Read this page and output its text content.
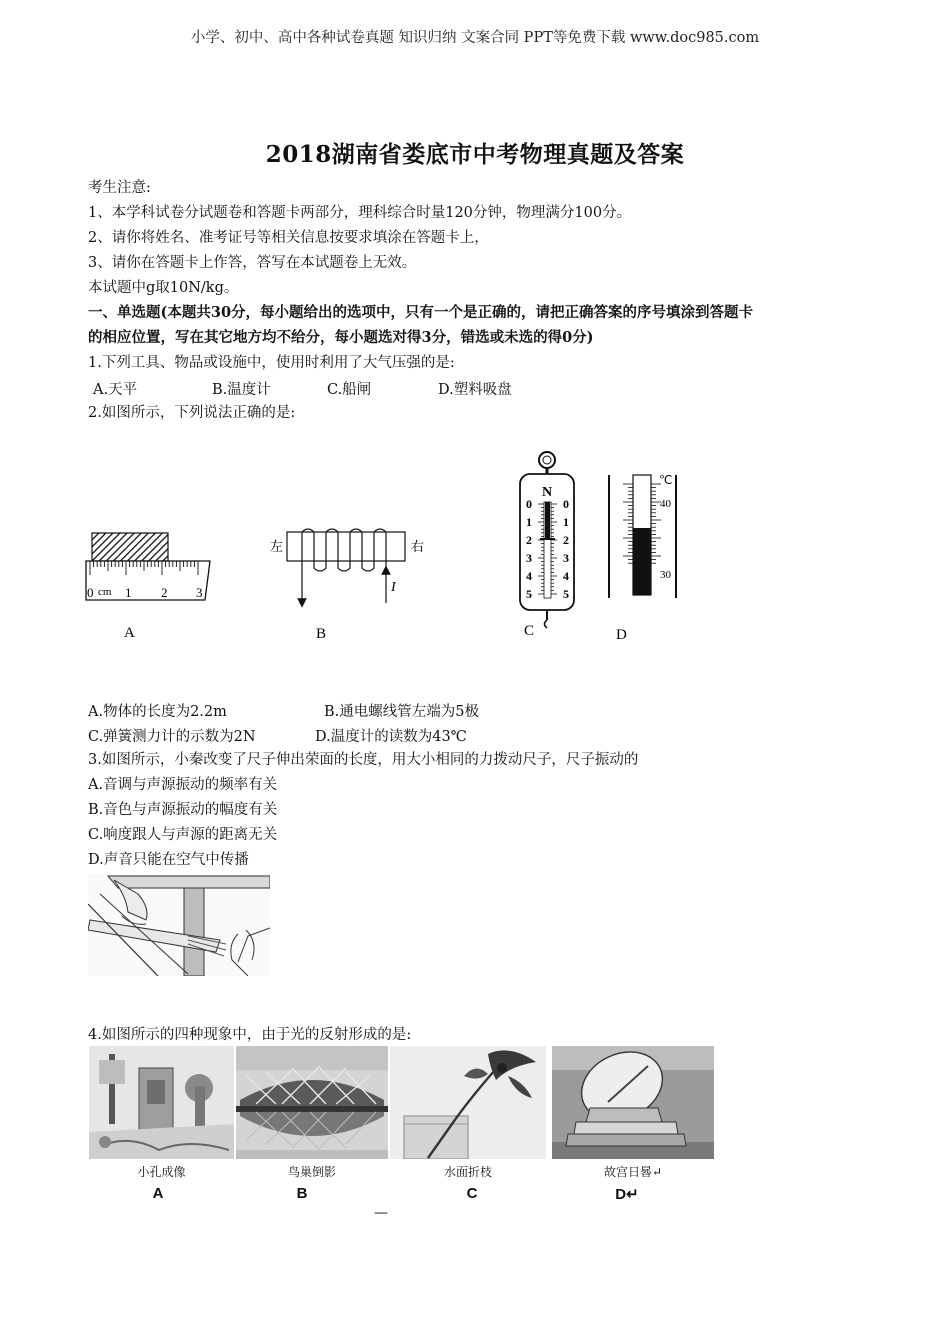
小学、初中、高中各种试卷真题 知识归纳 文案合同 PPT等免费下载 www.doc985.com
2018湖南省娄底市中考物理真题及答案
考生注意:
1、本学科试卷分试题卷和答题卡两部分，理科综合时量120分钟，物理满分100分。
2、请你将姓名、准考证号等相关信息按要求填涂在答题卡上，
3、请你在答题卡上作答，答写在本试题卷上无效。
本试题中g取10N/kg。
一、单选题(本题共30分，每小题给出的选项中，只有一个是正确的，请把正确答案的序号填涂到答题卡
的相应位置，写在其它地方均不给分，每小题选对得3分，错选或未选的得0分)
1.下列工具、物品或设施中，使用时利用了大气压强的是:
A.天平	B.温度计	C.船闸	D.塑料吸盘
2.如图所示，下列说法正确的是:
0 cm 1 2 3
左	右
I
N
0	0
1	1
2	2
3	3
4	4
5	5
℃
40
30
A	B	C	D
A.物体的长度为2.2m	B.通电螺线管左端为5极
C.弹簧测力计的示数为2N	D.温度计的读数为43℃
3.如图所示，小秦改变了尺子伸出荣面的长度，用大小相同的力拨动尺子，尺子振动的
A.音调与声源振动的频率有关
B.音色与声源振动的幅度有关
C.响度跟人与声源的距离无关
D.声音只能在空气中传播
4.如图所示的四种现象中，由于光的反射形成的是:
小孔成像	鸟巢倒影	水面折枝	故宫日晷↵
A	B	C	D↵
—
